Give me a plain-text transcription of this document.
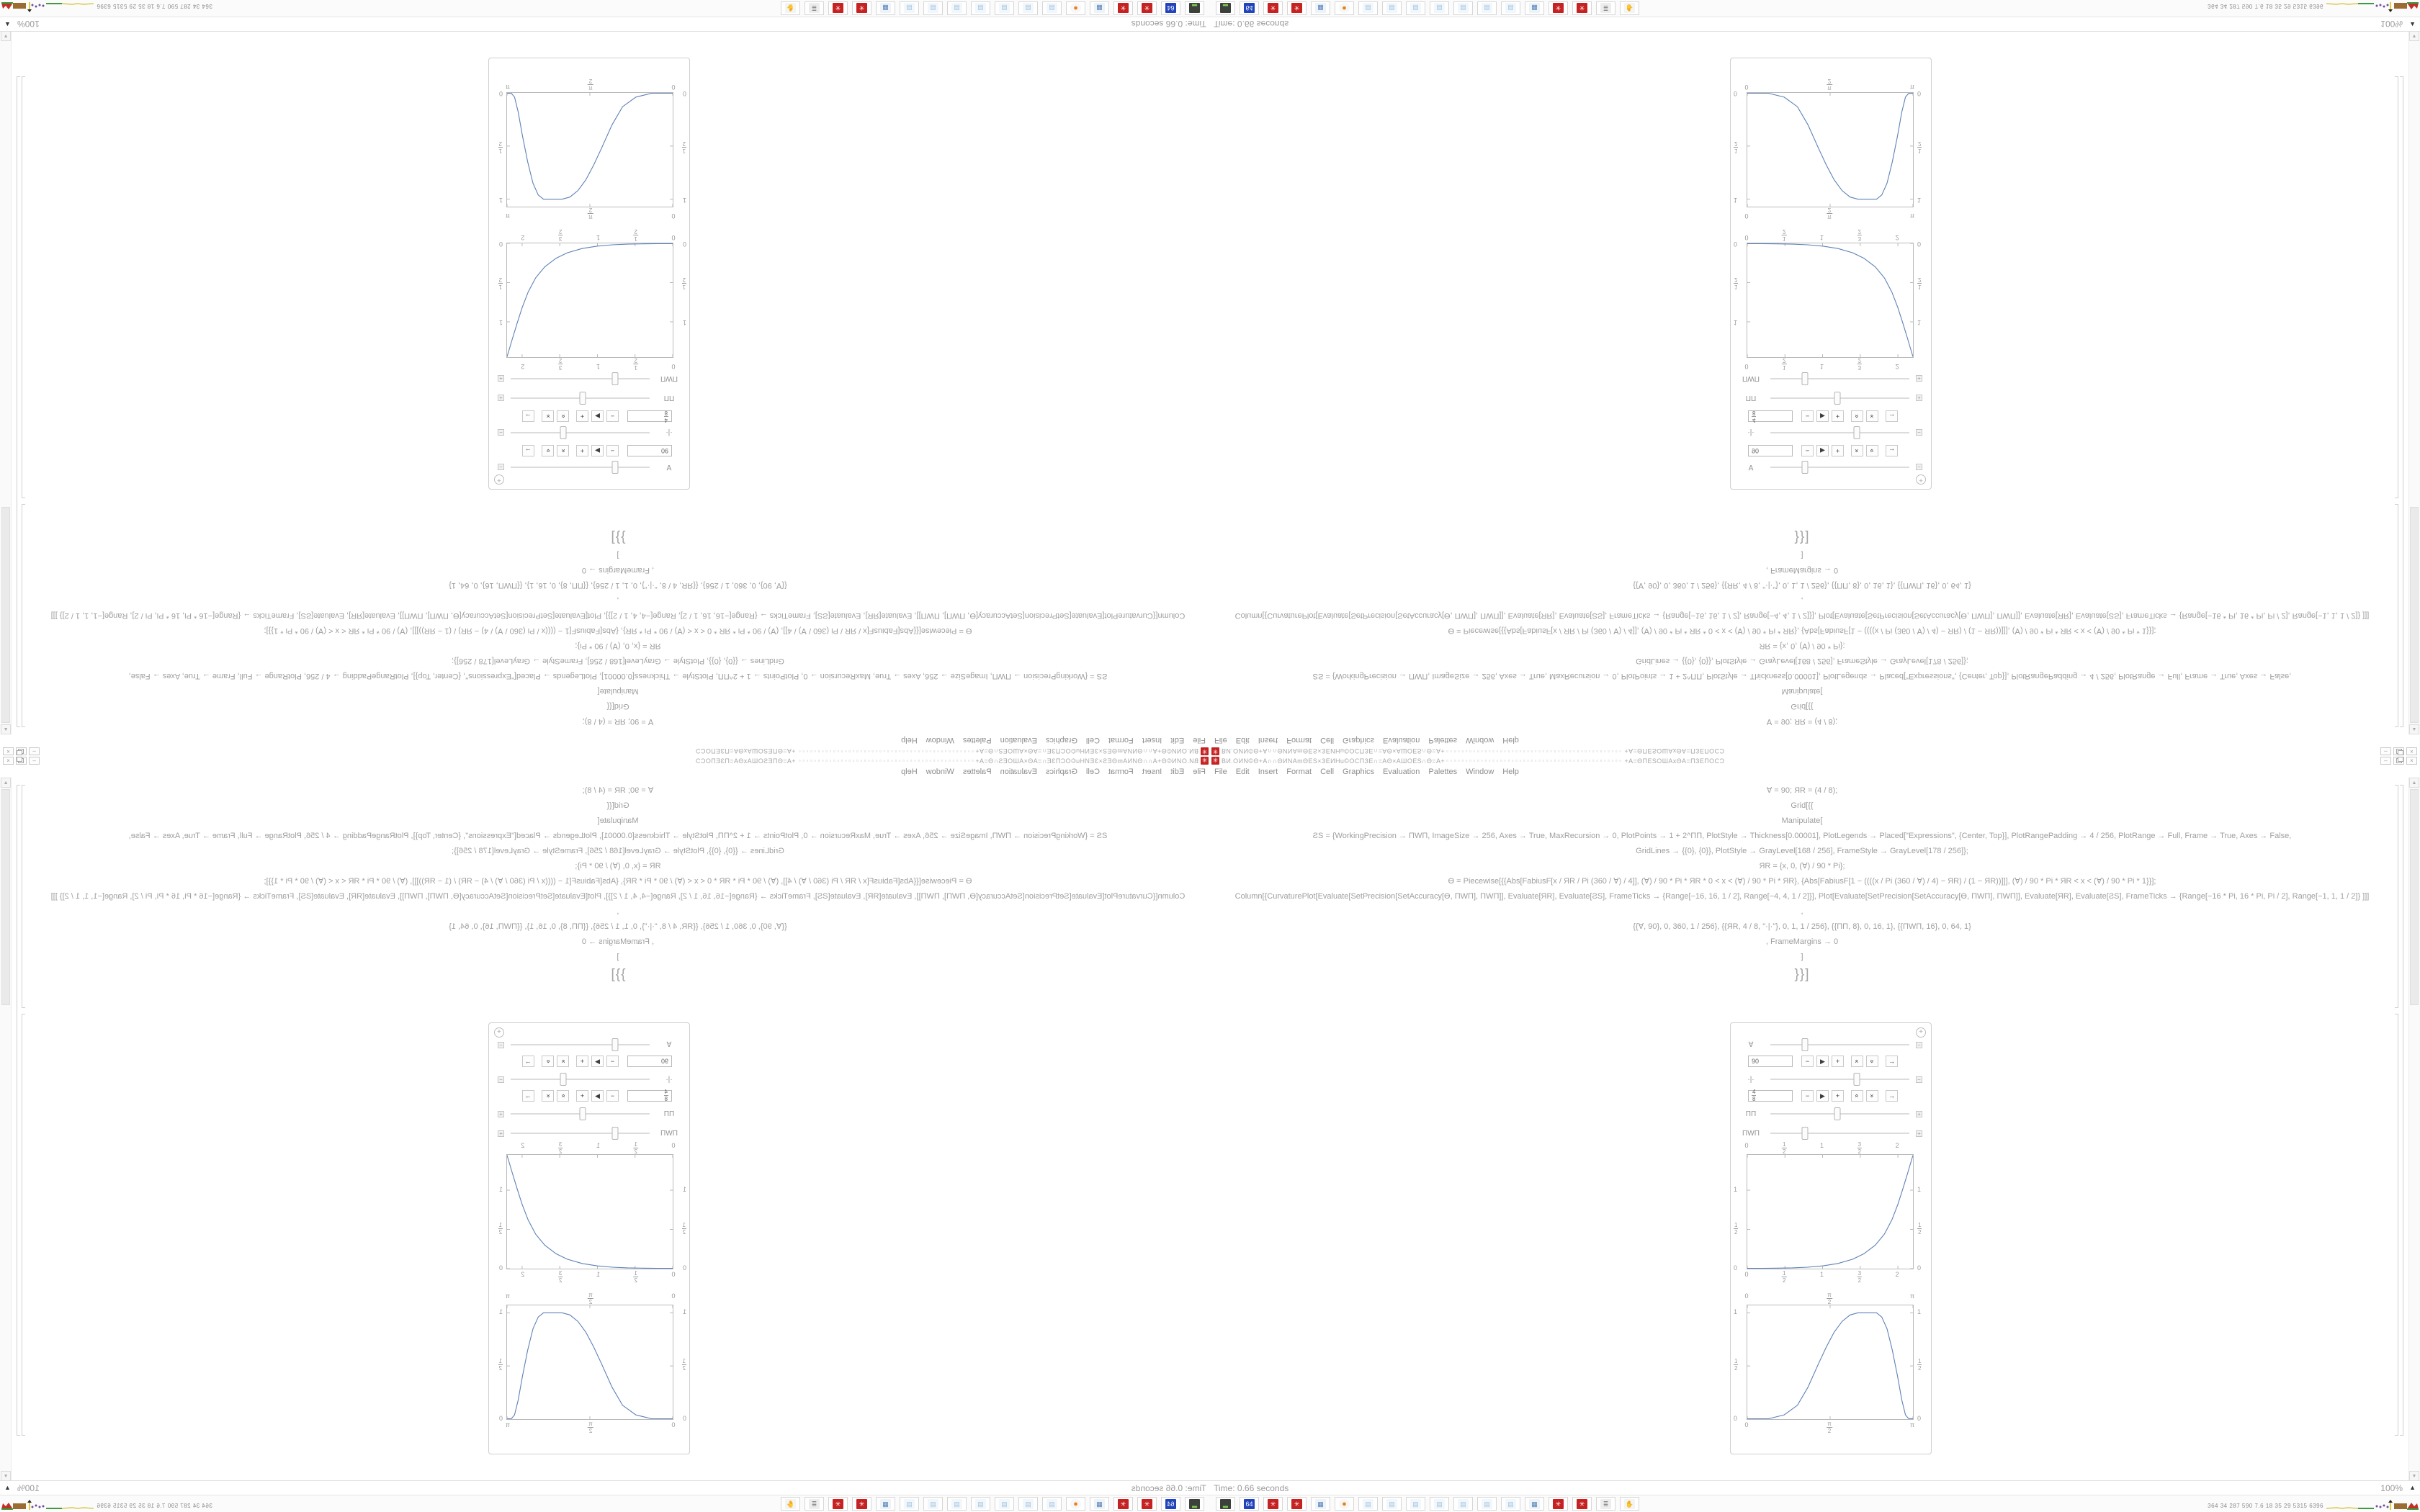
✳
ВИ.ОИN©Θ+А∩∩ΘИNАmΘЕЅ×ЗЕИНu©ΟСΠЗЕ∩=АΘ×АШΟЕЅ∩Θ=А+
▫◦▫◦▫◦▫◦▫◦▫◦▫◦▫◦▫◦▫◦▫◦▫◦▫◦▫◦▫◦▫◦▫◦▫◦▫◦▫◦▫◦▫◦▫◦
+А=ΘΠЕЅΟШАxΘА=ΠЗЕΠΟСϽ
–
×
File
Edit
Insert
Format
Cell
Graphics
Evaluation
Palettes
Window
Help
Ɐ = 90; ЯR = (4 / 8);
Grid[{{
Manipulate[
ƧS = {WorkingPrecision → ΠWΠ, ImageSize → 256, Axes → True, MaxRecursion → 0, PlotPoints → 1 + 2^ΠΠ, PlotStyle → Thickness[0.00001], PlotLegends → Placed["Expressions", {Center, Top}], PlotRangePadding → 4 / 256, PlotRange → Full, Frame → True, Axes → False,
GridLines → {{0}, {0}}, PlotStyle → GrayLevel[168 / 256], FrameStyle → GrayLevel[178 / 256]};
ЯR = {x, 0, (Ɐ) / 90 * Pi};
Ɵ = Piecewise[{{Abs[FabiusF[x / ЯR / Pi (360 / Ɐ) / 4]], (Ɐ) / 90 * Pi * ЯR * 0 < x < (Ɐ) / 90 * Pi * ЯR}, {Abs[FabiusF[1 − ((((x / Pi (360 / Ɐ) / 4) − ЯR) / (1 − ЯR))]]], (Ɐ) / 90 * Pi * ЯR < x < (Ɐ) / 90 * Pi * 1}}];
Column[{CurvaturePlot[Evaluate[SetPrecision[SetAccuracy[Ɵ, ΠWΠ], ΠWΠ]], Evaluate[ЯR], Evaluate[ƧS], FrameTicks → {Range[−16, 16, 1 / 2], Range[−4, 4, 1 / 2]}], Plot[Evaluate[SetPrecision[SetAccuracy[Ɵ, ΠWΠ], ΠWΠ]], Evaluate[ЯR], Evaluate[ƧS], FrameTicks → {Range[−16 * Pi, 16 * Pi, Pi / 2], Range[−1, 1, 1 / 2]} ]]]
,
{{Ɐ, 90}, 0, 360, 1 / 256}, {{ЯR, 4 / 8, "·|·"}, 0, 1, 1 / 256}, {{ΠΠ, 8}, 0, 16, 1}, {{ΠWΠ, 16}, 0, 64, 1}
, FrameMargins → 0
]
}}]
+
Ɐ
−
90
−
▶
+
«
»
→
·|·
−
4
8
−
▶
+
«
»
→
ΠΠ
+
ΠWΠ
+
0
0
1
2
1
2
1
1
3
2
3
2
2
2
0
0
1
2
1
2
1
1
0
0
π
2
π
2
π
π
0
0
1
2
1
2
1
1
▲
▼
Time: 0.66 seconds
100%
▲
▂
64
✳
✳
▦
●
▤
▤
▤
▤
▤
▤
▤
▦
✳
✳
≣
✋
364 34 287 590 7.6 18 35 29 5315 6396
✳ ВИ.ОИN©Θ+А∩∩ΘИNАmΘЕЅ×ЗЕИНu©ΟСΠЗЕ∩=АΘ×АШΟЕЅ∩Θ=А+ ▫◦▫◦▫◦▫◦▫◦▫◦▫◦▫◦▫◦▫◦▫◦▫◦▫◦▫◦▫◦▫◦▫◦▫◦▫◦▫◦▫◦▫◦▫◦ +А=ΘΠЕЅΟШАxΘА=ΠЗЕΠΟСϽ	–	×
File	Edit	Insert	Format	Cell	Graphics	Evaluation	Palettes	Window	Help
Ɐ = 90; ЯR = (4 / 8);
Grid[{{
Manipulate[
ƧS = {WorkingPrecision → ΠWΠ, ImageSize → 256, Axes → True, MaxRecursion → 0, PlotPoints → 1 + 2^ΠΠ, PlotStyle → Thickness[0.00001], PlotLegends → Placed["Expressions", {Center, Top}], PlotRangePadding → 4 / 256, PlotRange → Full, Frame → True, Axes → False,
GridLines → {{0}, {0}}, PlotStyle → GrayLevel[168 / 256], FrameStyle → GrayLevel[178 / 256]};
ЯR = {x, 0, (Ɐ) / 90 * Pi};
Ɵ = Piecewise[{{Abs[FabiusF[x / ЯR / Pi (360 / Ɐ) / 4]], (Ɐ) / 90 * Pi * ЯR * 0 < x < (Ɐ) / 90 * Pi * ЯR}, {Abs[FabiusF[1 − ((((x / Pi (360 / Ɐ) / 4) − ЯR) / (1 − ЯR))]]], (Ɐ) / 90 * Pi * ЯR < x < (Ɐ) / 90 * Pi * 1}}];
Column[{CurvaturePlot[Evaluate[SetPrecision[SetAccuracy[Ɵ, ΠWΠ], ΠWΠ]], Evaluate[ЯR], Evaluate[ƧS], FrameTicks → {Range[−16, 16, 1 / 2], Range[−4, 4, 1 / 2]}], Plot[Evaluate[SetPrecision[SetAccuracy[Ɵ, ΠWΠ], ΠWΠ]], Evaluate[ЯR], Evaluate[ƧS], FrameTicks → {Range[−16 * Pi, 16 * Pi, Pi / 2], Range[−1, 1, 1 / 2]} ]]]
,
{{Ɐ, 90}, 0, 360, 1 / 256}, {{ЯR, 4 / 8, "·|·"}, 0, 1, 1 / 256}, {{ΠΠ, 8}, 0, 16, 1}, {{ΠWΠ, 16}, 0, 64, 1}
, FrameMargins → 0
]
}}]
+
Ɐ	−
90	−	▶	+	«	»	→
·|·	−
4
8	−	▶	+	«	»	→
ΠΠ	+
ΠWΠ	+
0
0
1
2
1
2
1
1
3
2
3
2
2
2
0	0
1
2
1
2
1	1
0
0
π
2
π
2
π
π
0	0
1
2
1
2
1	1
▲
▼
Time: 0.66 seconds	100% ▲
▂	64	✳	✳	▦	●	▤	▤	▤	▤	▤	▤	▤	▦	✳	✳	≣	✋	364 34 287 590 7.6 18 35 29 5315 6396
✳
ВИ.ОИN©Θ+А∩∩ΘИNАmΘЕЅ×ЗЕИНu©ΟСΠЗЕ∩=АΘ×АШΟЕЅ∩Θ=А+
▫◦▫◦▫◦▫◦▫◦▫◦▫◦▫◦▫◦▫◦▫◦▫◦▫◦▫◦▫◦▫◦▫◦▫◦▫◦▫◦▫◦▫◦▫◦
+А=ΘΠЕЅΟШАxΘА=ΠЗЕΠΟСϽ
–
×
File
Edit
Insert
Format
Cell
Graphics
Evaluation
Palettes
Window
Help
Ɐ = 90; ЯR = (4 / 8);
Grid[{{
Manipulate[
ƧS = {WorkingPrecision → ΠWΠ, ImageSize → 256, Axes → True, MaxRecursion → 0, PlotPoints → 1 + 2^ΠΠ, PlotStyle → Thickness[0.00001], PlotLegends → Placed["Expressions", {Center, Top}], PlotRangePadding → 4 / 256, PlotRange → Full, Frame → True, Axes → False,
GridLines → {{0}, {0}}, PlotStyle → GrayLevel[168 / 256], FrameStyle → GrayLevel[178 / 256]};
ЯR = {x, 0, (Ɐ) / 90 * Pi};
Ɵ = Piecewise[{{Abs[FabiusF[x / ЯR / Pi (360 / Ɐ) / 4]], (Ɐ) / 90 * Pi * ЯR * 0 < x < (Ɐ) / 90 * Pi * ЯR}, {Abs[FabiusF[1 − ((((x / Pi (360 / Ɐ) / 4) − ЯR) / (1 − ЯR))]]], (Ɐ) / 90 * Pi * ЯR < x < (Ɐ) / 90 * Pi * 1}}];
Column[{CurvaturePlot[Evaluate[SetPrecision[SetAccuracy[Ɵ, ΠWΠ], ΠWΠ]], Evaluate[ЯR], Evaluate[ƧS], FrameTicks → {Range[−16, 16, 1 / 2], Range[−4, 4, 1 / 2]}], Plot[Evaluate[SetPrecision[SetAccuracy[Ɵ, ΠWΠ], ΠWΠ]], Evaluate[ЯR], Evaluate[ƧS], FrameTicks → {Range[−16 * Pi, 16 * Pi, Pi / 2], Range[−1, 1, 1 / 2]} ]]]
,
{{Ɐ, 90}, 0, 360, 1 / 256}, {{ЯR, 4 / 8, "·|·"}, 0, 1, 1 / 256}, {{ΠΠ, 8}, 0, 16, 1}, {{ΠWΠ, 16}, 0, 64, 1}
, FrameMargins → 0
]
}}]
+
Ɐ
−
90
−
▶
+
«
»
→
·|·
−
$\frac{4}{8}$
−
▶
+
«
»
→
ΠΠ
+
ΠWΠ
+
0
0
$\frac{1}{2}$
$\frac{1}{2}$
1
1
$\frac{3}{2}$
$\frac{3}{2}$
2
2
0
0
$\frac{1}{2}$
$\frac{1}{2}$
1
1
0
0
$\frac{\pi}{2}$
$\frac{\pi}{2}$
π
π
0
0
$\frac{1}{2}$
$\frac{1}{2}$
1
1
▲
▼
Time: 0.66 seconds
100%
▲
▂
64
✳
✳
▦
●
▤
▤
▤
▤
▤
▤
▤
▦
✳
✳
≣
✋
364 34 287 590 7.6 18 35 29 5315 6396
✳ ВИ.ОИN©Θ+А∩∩ΘИNАmΘЕЅ×ЗЕИНu©ΟСΠЗЕ∩=АΘ×АШΟЕЅ∩Θ=А+ ▫◦▫◦▫◦▫◦▫◦▫◦▫◦▫◦▫◦▫◦▫◦▫◦▫◦▫◦▫◦▫◦▫◦▫◦▫◦▫◦▫◦▫◦▫◦ +А=ΘΠЕЅΟШАxΘА=ΠЗЕΠΟСϽ	–	×
File	Edit	Insert	Format	Cell	Graphics	Evaluation	Palettes	Window	Help
Ɐ = 90; ЯR = (4 / 8);
Grid[{{
Manipulate[
ƧS = {WorkingPrecision → ΠWΠ, ImageSize → 256, Axes → True, MaxRecursion → 0, PlotPoints → 1 + 2^ΠΠ, PlotStyle → Thickness[0.00001], PlotLegends → Placed["Expressions", {Center, Top}], PlotRangePadding → 4 / 256, PlotRange → Full, Frame → True, Axes → False,
GridLines → {{0}, {0}}, PlotStyle → GrayLevel[168 / 256], FrameStyle → GrayLevel[178 / 256]};
ЯR = {x, 0, (Ɐ) / 90 * Pi};
Ɵ = Piecewise[{{Abs[FabiusF[x / ЯR / Pi (360 / Ɐ) / 4]], (Ɐ) / 90 * Pi * ЯR * 0 < x < (Ɐ) / 90 * Pi * ЯR}, {Abs[FabiusF[1 − ((((x / Pi (360 / Ɐ) / 4) − ЯR) / (1 − ЯR))]]], (Ɐ) / 90 * Pi * ЯR < x < (Ɐ) / 90 * Pi * 1}}];
Column[{CurvaturePlot[Evaluate[SetPrecision[SetAccuracy[Ɵ, ΠWΠ], ΠWΠ]], Evaluate[ЯR], Evaluate[ƧS], FrameTicks → {Range[−16, 16, 1 / 2], Range[−4, 4, 1 / 2]}], Plot[Evaluate[SetPrecision[SetAccuracy[Ɵ, ΠWΠ], ΠWΠ]], Evaluate[ЯR], Evaluate[ƧS], FrameTicks → {Range[−16 * Pi, 16 * Pi, Pi / 2], Range[−1, 1, 1 / 2]} ]]]
,
{{Ɐ, 90}, 0, 360, 1 / 256}, {{ЯR, 4 / 8, "·|·"}, 0, 1, 1 / 256}, {{ΠΠ, 8}, 0, 16, 1}, {{ΠWΠ, 16}, 0, 64, 1}
, FrameMargins → 0
]
}}]
+
Ɐ	−
90	−	▶	+	«	»	→
·|·	−
$\frac{4}{8}$	−	▶	+	«	»	→
ΠΠ	+
ΠWΠ	+
0
0
$\frac{1}{2}$
$\frac{1}{2}$
1
1
$\frac{3}{2}$
$\frac{3}{2}$
2
2
0	0
$\frac{1}{2}$	$\frac{1}{2}$
1	1
0
0
$\frac{\pi}{2}$
$\frac{\pi}{2}$
π
π
0	0
$\frac{1}{2}$	$\frac{1}{2}$
1	1
▲
▼
Time: 0.66 seconds	100% ▲
▂	64	✳	✳	▦	●	▤	▤	▤	▤	▤	▤	▤	▦	✳	✳	≣	✋	364 34 287 590 7.6 18 35 29 5315 6396
